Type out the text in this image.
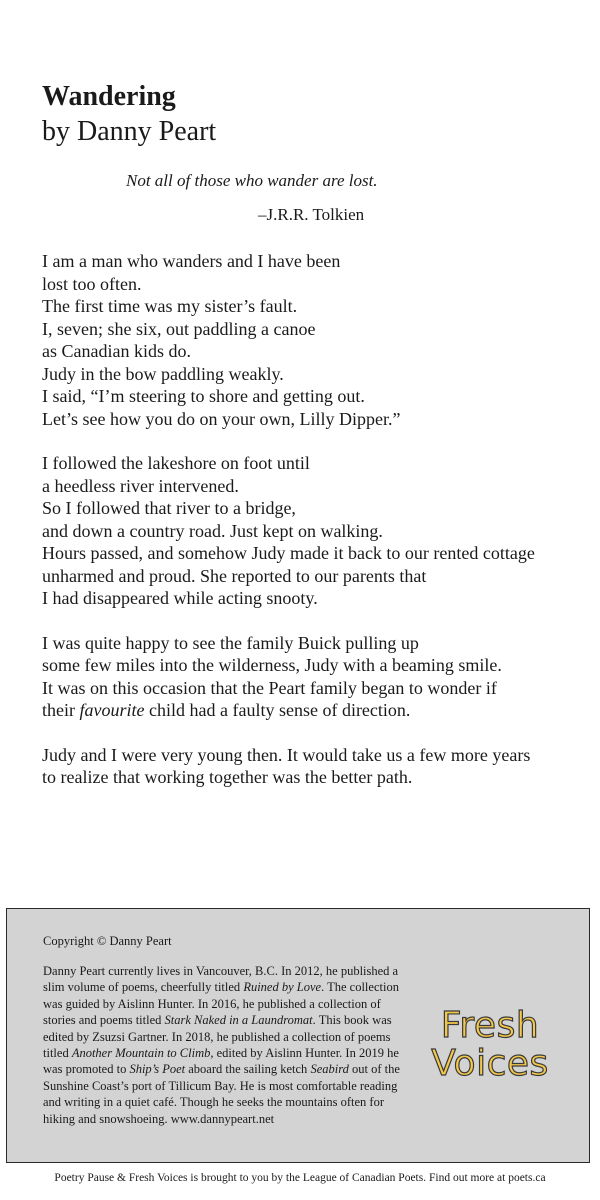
Wandering
by Danny Peart
Not all of those who wander are lost.
–J.R.R. Tolkien
I am a man who wanders and I have been
lost too often.
The first time was my sister’s fault.
I, seven; she six, out paddling a canoe
as Canadian kids do.
Judy in the bow paddling weakly.
I said, “I’m steering to shore and getting out.
Let’s see how you do on your own, Lilly Dipper.”
I followed the lakeshore on foot until
a heedless river intervened.
So I followed that river to a bridge,
and down a country road. Just kept on walking.
Hours passed, and somehow Judy made it back to our rented cottage
unharmed and proud. She reported to our parents that
I had disappeared while acting snooty.
I was quite happy to see the family Buick pulling up
some few miles into the wilderness, Judy with a beaming smile.
It was on this occasion that the Peart family began to wonder if
their favourite child had a faulty sense of direction.
Judy and I were very young then. It would take us a few more years
to realize that working together was the better path.
Copyright © Danny Peart

Danny Peart currently lives in Vancouver, B.C. In 2012, he published a slim volume of poems, cheerfully titled Ruined by Love. The collection was guided by Aislinn Hunter. In 2016, he published a collection of stories and poems titled Stark Naked in a Laundromat. This book was edited by Zsuzsi Gartner. In 2018, he published a collection of poems titled Another Mountain to Climb, edited by Aislinn Hunter. In 2019 he was promoted to Ship’s Poet aboard the sailing ketch Seabird out of the Sunshine Coast’s port of Tillicum Bay. He is most comfortable reading and writing in a quiet café. Though he seeks the mountains often for hiking and snowshoeing. www.dannypeart.net

Fresh
Voices
Poetry Pause & Fresh Voices is brought to you by the League of Canadian Poets. Find out more at poets.ca
